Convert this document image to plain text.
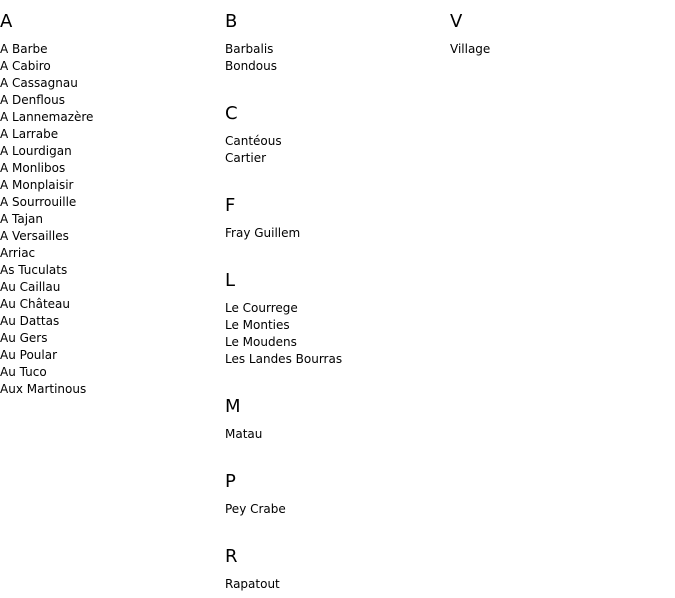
A
A Barbe
A Cabiro
A Cassagnau
A Denflous
A Lannemazère
A Larrabe
A Lourdigan
A Monlibos
A Monplaisir
A Sourrouille
A Tajan
A Versailles
Arriac
As Tuculats
Au Caillau
Au Château
Au Dattas
Au Gers
Au Poular
Au Tuco
Aux Martinous
B
Barbalis
Bondous
C
Cantéous
Cartier
F
Fray Guillem
L
Le Courrege
Le Monties
Le Moudens
Les Landes Bourras
M
Matau
P
Pey Crabe
R
Rapatout
V
Village
